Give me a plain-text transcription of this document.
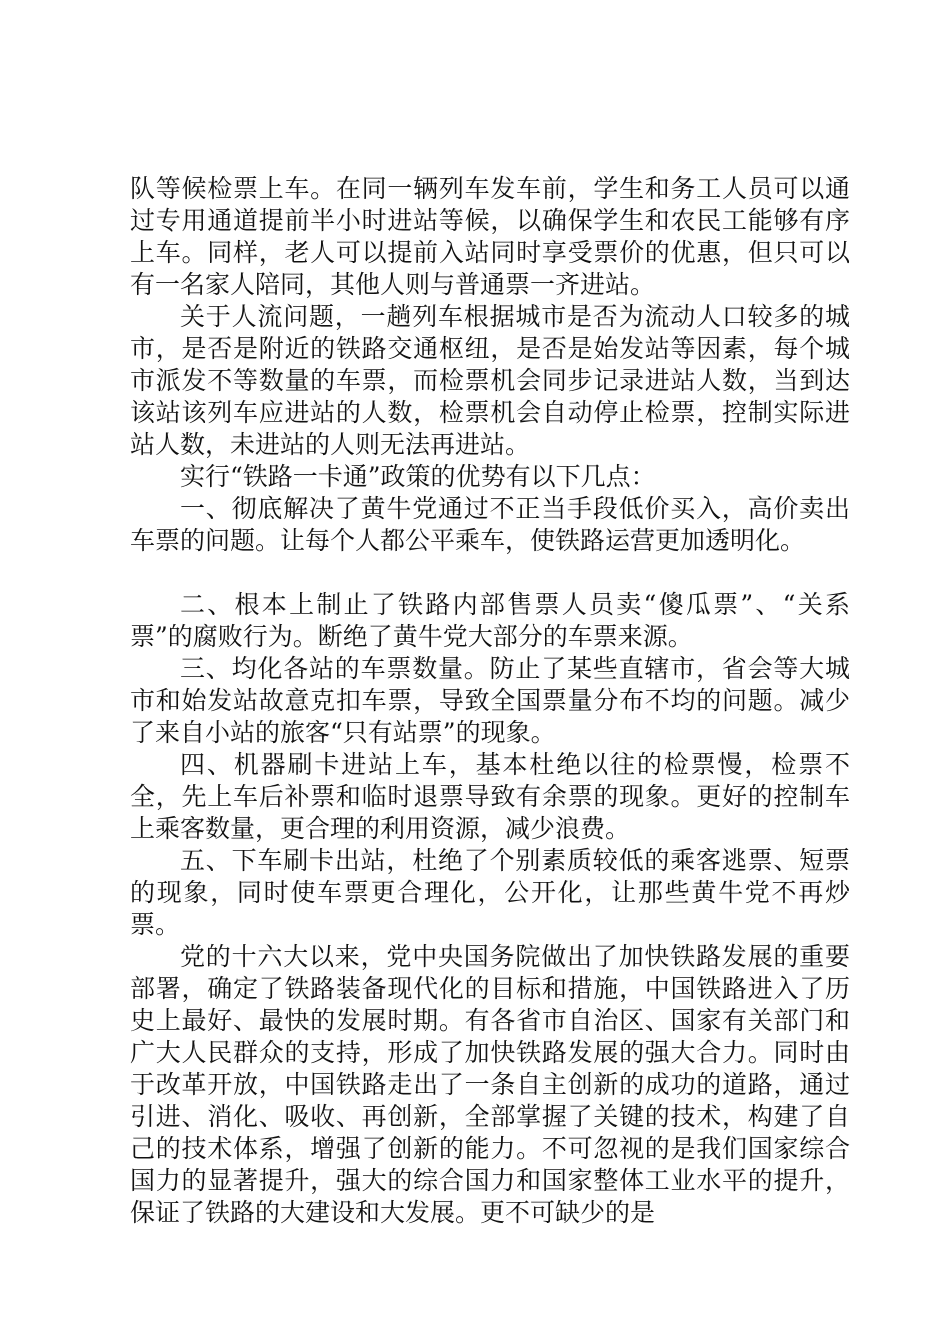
队等候检票上车。在同一辆列车发车前，学生和务工人员可以通过专用通道提前半小时进站等候，以确保学生和农民工能够有序上车。同样，老人可以提前入站同时享受票价的优惠，但只可以有一名家人陪同，其他人则与普通票一齐进站。

关于人流问题，一趟列车根据城市是否为流动人口较多的城市，是否是附近的铁路交通枢纽，是否是始发站等因素，每个城市派发不等数量的车票，而检票机会同步记录进站人数，当到达该站该列车应进站的人数，检票机会自动停止检票，控制实际进站人数，未进站的人则无法再进站。

实行“铁路一卡通”政策的优势有以下几点：

一、彻底解决了黄牛党通过不正当手段低价买入，高价卖出车票的问题。让每个人都公平乘车，使铁路运营更加透明化。

二、根本上制止了铁路内部售票人员卖“傻瓜票”、“关系票”的腐败行为。断绝了黄牛党大部分的车票来源。

三、均化各站的车票数量。防止了某些直辖市，省会等大城市和始发站故意克扣车票，导致全国票量分布不均的问题。减少了来自小站的旅客“只有站票”的现象。

四、机器刷卡进站上车，基本杜绝以往的检票慢，检票不全，先上车后补票和临时退票导致有余票的现象。更好的控制车上乘客数量，更合理的利用资源，减少浪费。

五、下车刷卡出站，杜绝了个别素质较低的乘客逃票、短票的现象，同时使车票更合理化，公开化，让那些黄牛党不再炒票。

党的十六大以来，党中央国务院做出了加快铁路发展的重要部署，确定了铁路装备现代化的目标和措施，中国铁路进入了历史上最好、最快的发展时期。有各省市自治区、国家有关部门和广大人民群众的支持，形成了加快铁路发展的强大合力。同时由于改革开放，中国铁路走出了一条自主创新的成功的道路，通过引进、消化、吸收、再创新，全部掌握了关键的技术，构建了自己的技术体系，增强了创新的能力。不可忽视的是我们国家综合国力的显著提升，强大的综合国力和国家整体工业水平的提升，保证了铁路的大建设和大发展。更不可缺少的是
